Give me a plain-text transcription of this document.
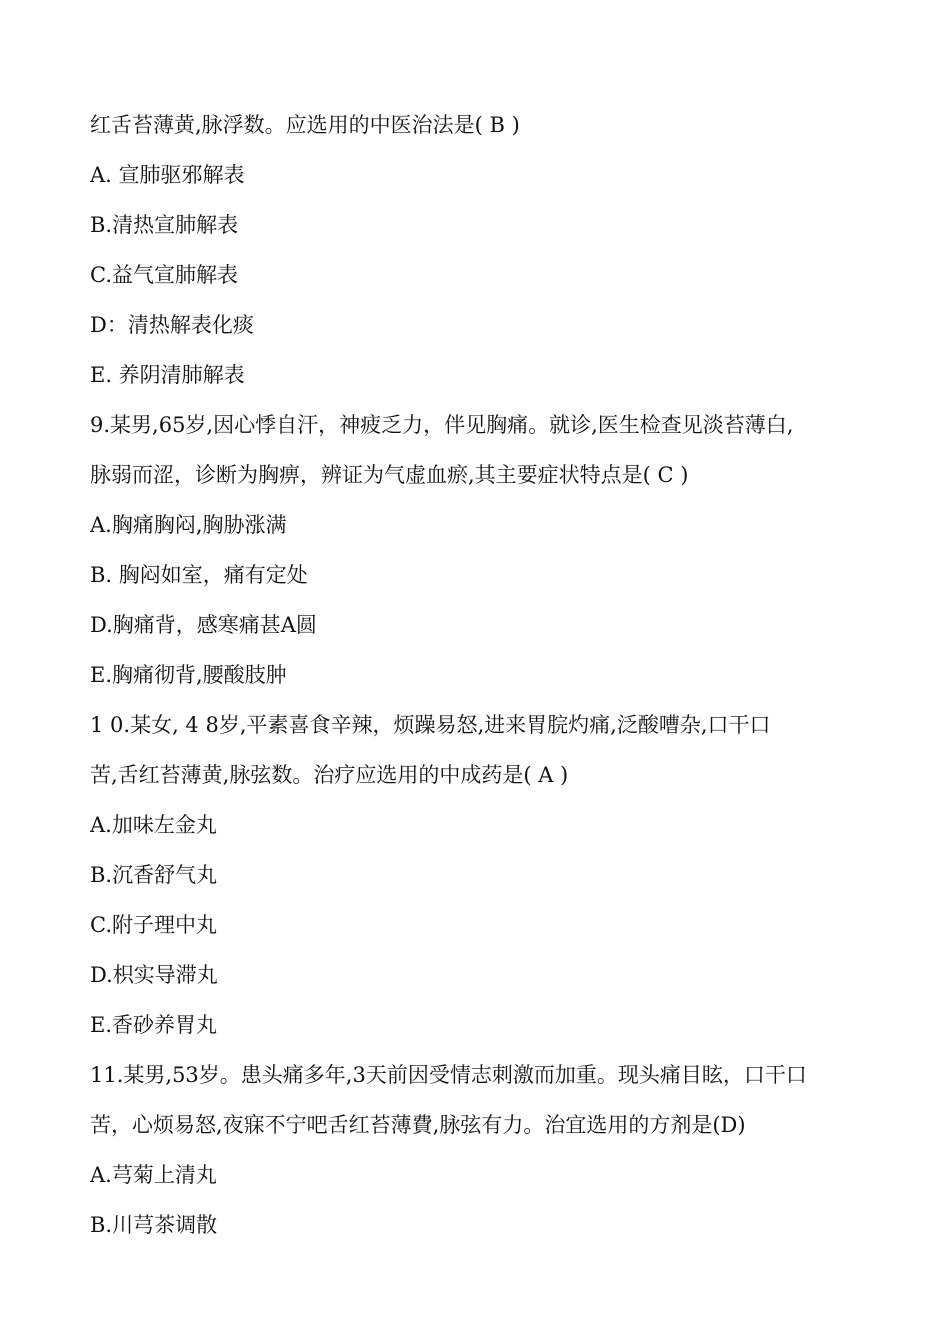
红舌苔薄黄,脉浮数。应选用的中医治法是( B )
A. 宣肺驱邪解表
B.清热宣肺解表
C.益气宣肺解表
D：清热解表化痰
E. 养阴清肺解表
9.某男,65岁,因心悸自汗，神疲乏力，伴见胸痛。就诊,医生检查见淡苔薄白,
脉弱而涩，诊断为胸痹，辨证为气虚血瘀,其主要症状特点是( C )
A.胸痛胸闷,胸胁涨满
B. 胸闷如室，痛有定处
D.胸痛背，感寒痛甚A圆
E.胸痛彻背,腰酸肢肿
1 0.某女, 4 8岁,平素喜食辛辣，烦躁易怒,进来胃脘灼痛,泛酸嘈杂,口干口
苦,舌红苔薄黄,脉弦数。治疗应选用的中成药是( A )
A.加味左金丸
B.沉香舒气丸
C.附子理中丸
D.枳实导滞丸
E.香砂养胃丸
11.某男,53岁。患头痛多年,3天前因受情志刺激而加重。现头痛目眩，口干口
苦，心烦易怒,夜寐不宁吧舌红苔薄費,脉弦有力。治宜选用的方剂是(D)
A.芎菊上清丸
B.川芎茶调散
